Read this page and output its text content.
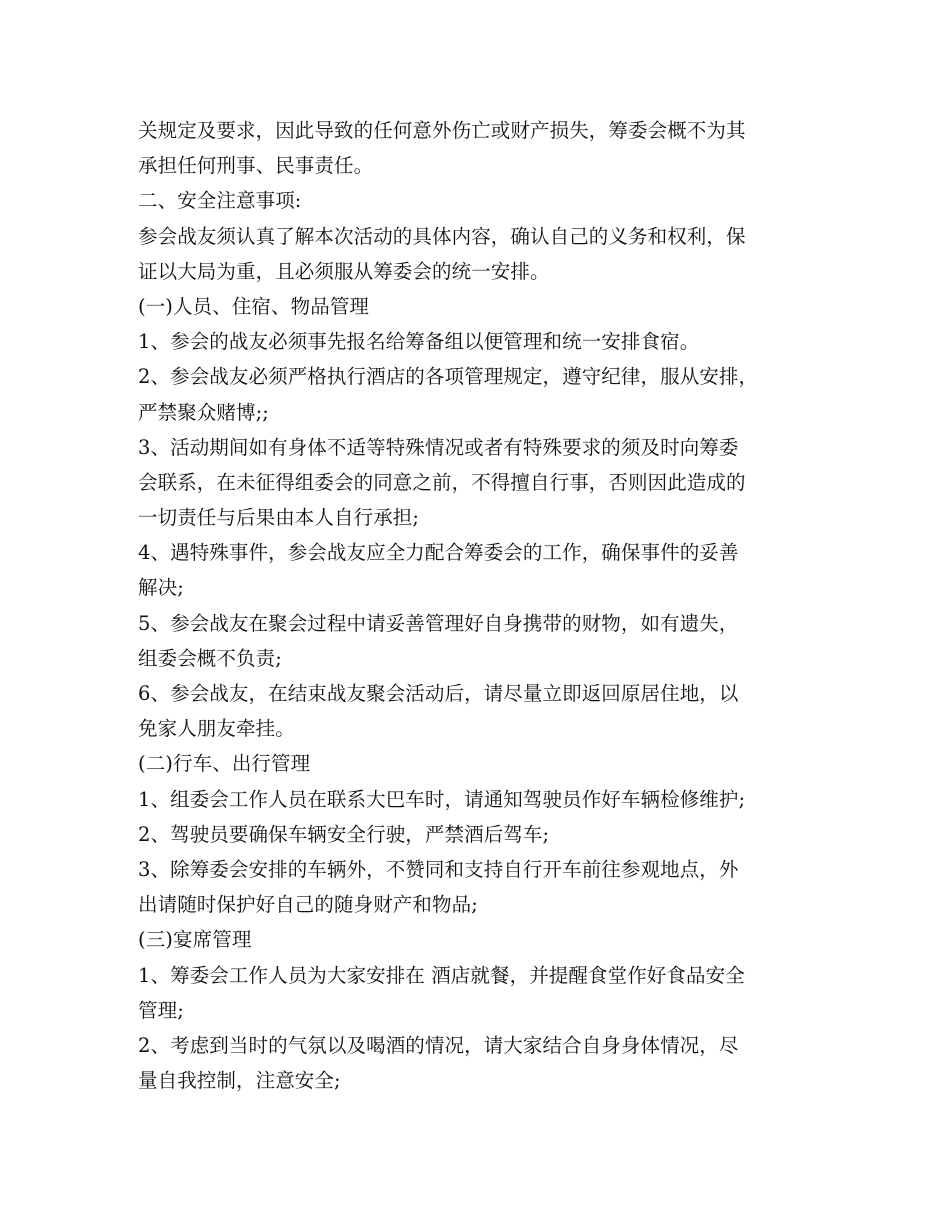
关规定及要求，因此导致的任何意外伤亡或财产损失，筹委会概不为其
承担任何刑事、民事责任。
二、安全注意事项:
参会战友须认真了解本次活动的具体内容，确认自己的义务和权利，保
证以大局为重，且必须服从筹委会的统一安排。
(一)人员、住宿、物品管理
1、参会的战友必须事先报名给筹备组以便管理和统一安排食宿。
2、参会战友必须严格执行酒店的各项管理规定，遵守纪律，服从安排，
严禁聚众赌博;;
3、活动期间如有身体不适等特殊情况或者有特殊要求的须及时向筹委
会联系，在未征得组委会的同意之前，不得擅自行事，否则因此造成的
一切责任与后果由本人自行承担;
4、遇特殊事件，参会战友应全力配合筹委会的工作，确保事件的妥善
解决;
5、参会战友在聚会过程中请妥善管理好自身携带的财物，如有遗失，
组委会概不负责;
6、参会战友，在结束战友聚会活动后，请尽量立即返回原居住地，以
免家人朋友牵挂。
(二)行车、出行管理
1、组委会工作人员在联系大巴车时，请通知驾驶员作好车辆检修维护;
2、驾驶员要确保车辆安全行驶，严禁酒后驾车;
3、除筹委会安排的车辆外，不赞同和支持自行开车前往参观地点，外
出请随时保护好自己的随身财产和物品;
(三)宴席管理
1、筹委会工作人员为大家安排在 酒店就餐，并提醒食堂作好食品安全
管理;
2、考虑到当时的气氛以及喝酒的情况，请大家结合自身身体情况，尽
量自我控制，注意安全;
